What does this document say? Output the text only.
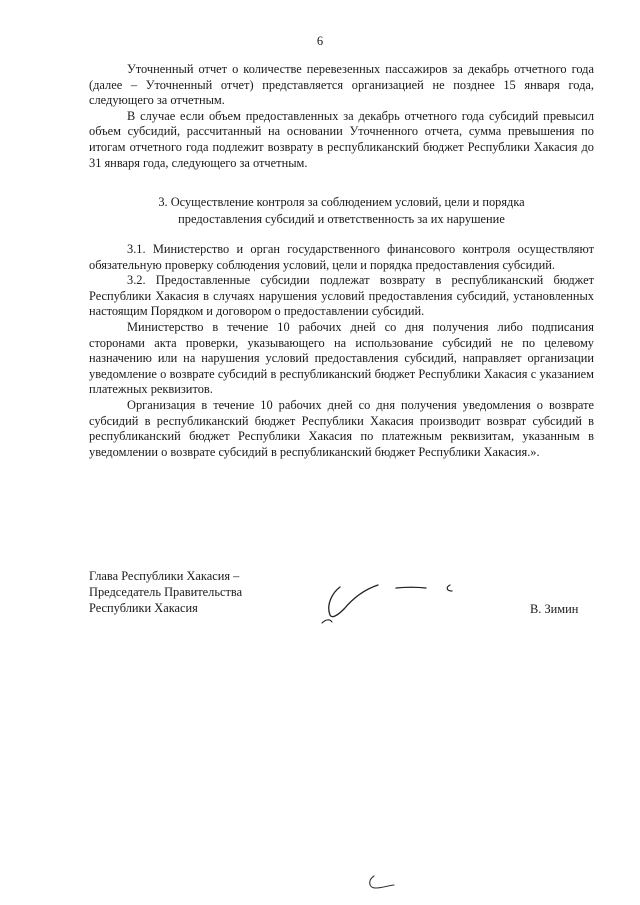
6

Уточненный отчет о количестве перевезенных пассажиров за декабрь отчетного года (далее – Уточненный отчет) представляется организацией не позднее 15 января года, следующего за отчетным.

В случае если объем предоставленных за декабрь отчетного года субсидий превысил объем субсидий, рассчитанный на основании Уточненного отчета, сумма превышения по итогам отчетного года подлежит возврату в республиканский бюджет Республики Хакасия до 31 января года, следующего за отчетным.

3. Осуществление контроля за соблюдением условий, цели и порядка
предоставления субсидий и ответственность за их нарушение

3.1. Министерство и орган государственного финансового контроля осуществляют обязательную проверку соблюдения условий, цели и порядка предоставления субсидий.

3.2. Предоставленные субсидии подлежат возврату в республиканский бюджет Республики Хакасия в случаях нарушения условий предоставления субсидий, установленных настоящим Порядком и договором о предоставлении субсидий.

Министерство в течение 10 рабочих дней со дня получения либо подписания сторонами акта проверки, указывающего на использование субсидий не по целевому назначению или на нарушения условий предоставления субсидий, направляет организации уведомление о возврате субсидий в республиканский бюджет Республики Хакасия с указанием платежных реквизитов.

Организация в течение 10 рабочих дней со дня получения уведомления о возврате субсидий в республиканский бюджет Республики Хакасия производит возврат субсидий в республиканский бюджет Республики Хакасия по платежным реквизитам, указанным в уведомлении о возврате субсидий в республиканский бюджет Республики Хакасия.».

Глава Республики Хакасия –
Председатель Правительства
Республики Хакасия	В. Зимин
